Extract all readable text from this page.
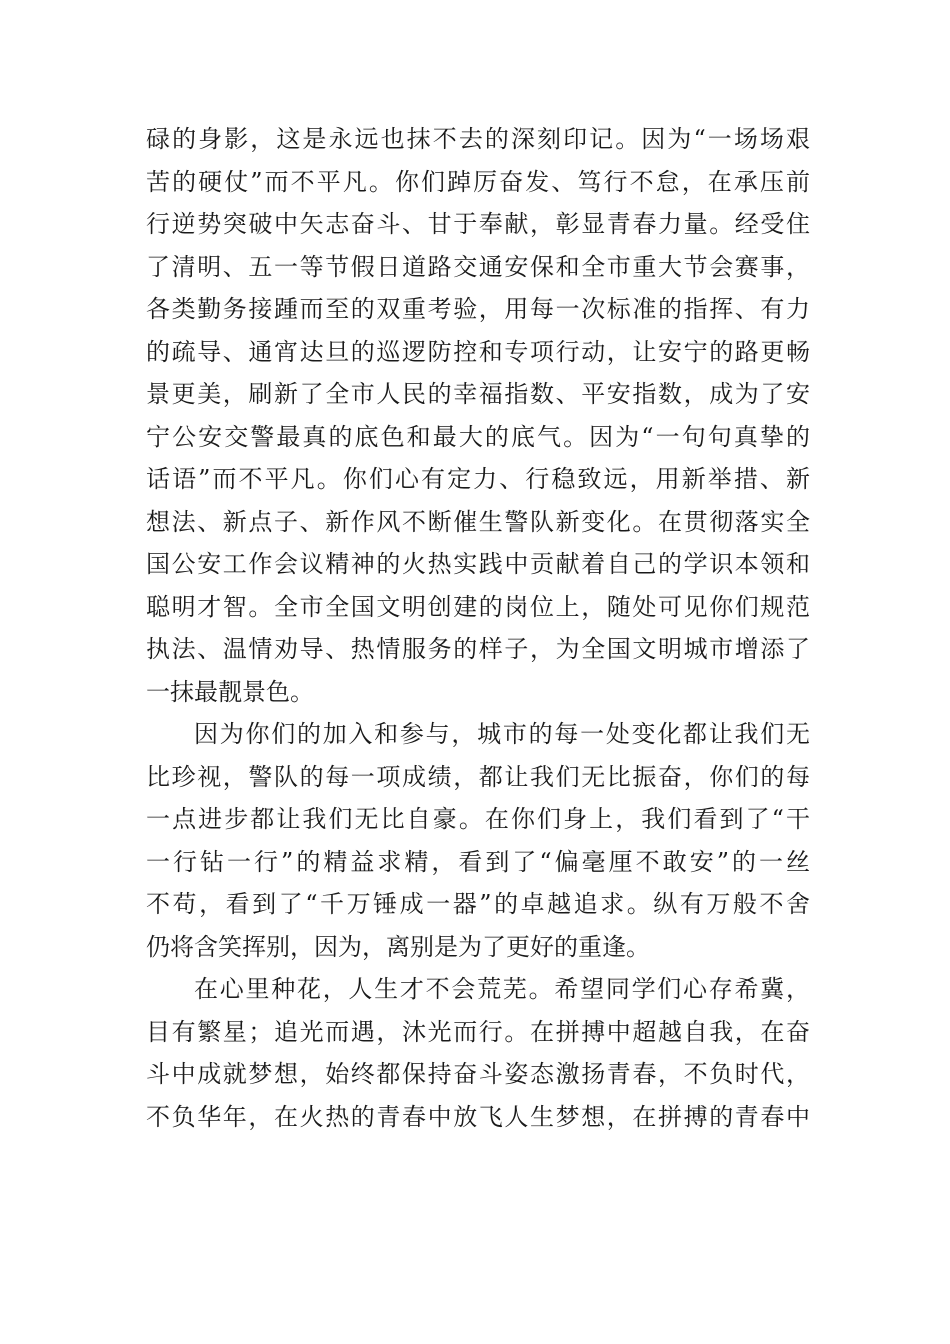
碌的身影，这是永远也抹不去的深刻印记。因为“一场场艰
苦的硬仗”而不平凡。你们踔厉奋发、笃行不怠，在承压前
行逆势突破中矢志奋斗、甘于奉献，彰显青春力量。经受住
了清明、五一等节假日道路交通安保和全市重大节会赛事，
各类勤务接踵而至的双重考验，用每一次标准的指挥、有力
的疏导、通宵达旦的巡逻防控和专项行动，让安宁的路更畅
景更美，刷新了全市人民的幸福指数、平安指数，成为了安
宁公安交警最真的底色和最大的底气。因为“一句句真挚的
话语”而不平凡。你们心有定力、行稳致远，用新举措、新
想法、新点子、新作风不断催生警队新变化。在贯彻落实全
国公安工作会议精神的火热实践中贡献着自己的学识本领和
聪明才智。全市全国文明创建的岗位上，随处可见你们规范
执法、温情劝导、热情服务的样子，为全国文明城市增添了
一抹最靓景色。
因为你们的加入和参与，城市的每一处变化都让我们无
比珍视，警队的每一项成绩，都让我们无比振奋，你们的每
一点进步都让我们无比自豪。在你们身上，我们看到了“干
一行钻一行”的精益求精，看到了“偏毫厘不敢安”的一丝
不苟，看到了“千万锤成一器”的卓越追求。纵有万般不舍
仍将含笑挥别，因为，离别是为了更好的重逢。
在心里种花，人生才不会荒芜。希望同学们心存希冀，
目有繁星；追光而遇，沐光而行。在拼搏中超越自我，在奋
斗中成就梦想，始终都保持奋斗姿态激扬青春，不负时代，
不负华年，在火热的青春中放飞人生梦想，在拼搏的青春中
